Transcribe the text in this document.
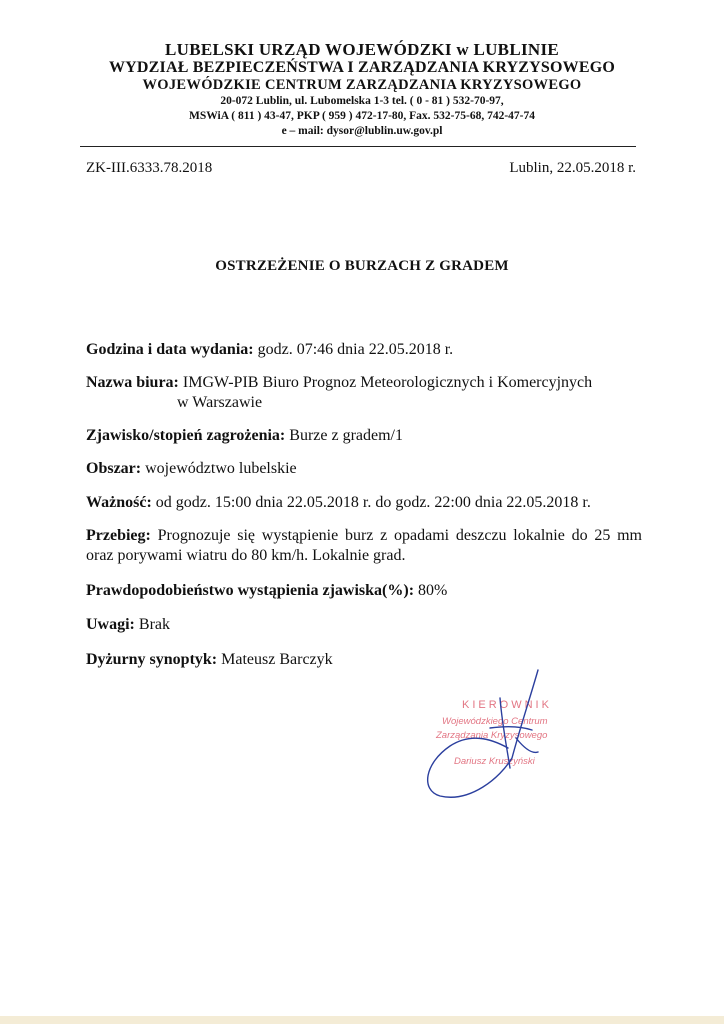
LUBELSKI URZĄD WOJEWÓDZKI w LUBLINIE
WYDZIAŁ BEZPIECZEŃSTWA I ZARZĄDZANIA KRYZYSOWEGO
WOJEWÓDZKIE CENTRUM ZARZĄDZANIA KRYZYSOWEGO
20-072 Lublin, ul. Lubomelska 1-3 tel. ( 0 - 81 ) 532-70-97,
MSWiA ( 811 ) 43-47, PKP ( 959 ) 472-17-80, Fax. 532-75-68, 742-47-74
e – mail: dysor@lublin.uw.gov.pl
ZK-III.6333.78.2018	Lublin, 22.05.2018 r.
OSTRZEŻENIE O BURZACH Z GRADEM
Godzina i data wydania: godz. 07:46 dnia 22.05.2018 r.
Nazwa biura: IMGW-PIB Biuro Prognoz Meteorologicznych i Komercyjnych
w Warszawie
Zjawisko/stopień zagrożenia: Burze z gradem/1
Obszar: województwo lubelskie
Ważność: od godz. 15:00 dnia 22.05.2018 r. do godz. 22:00 dnia 22.05.2018 r.
Przebieg: Prognozuje się wystąpienie burz z opadami deszczu lokalnie do 25 mm oraz porywami wiatru do 80 km/h. Lokalnie grad.
Prawdopodobieństwo wystąpienia zjawiska(%): 80%
Uwagi: Brak
Dyżurny synoptyk: Mateusz Barczyk
KIEROWNIK
Wojewódzkiego Centrum
Zarządzania Kryzysowego
Dariusz Kruszyński
